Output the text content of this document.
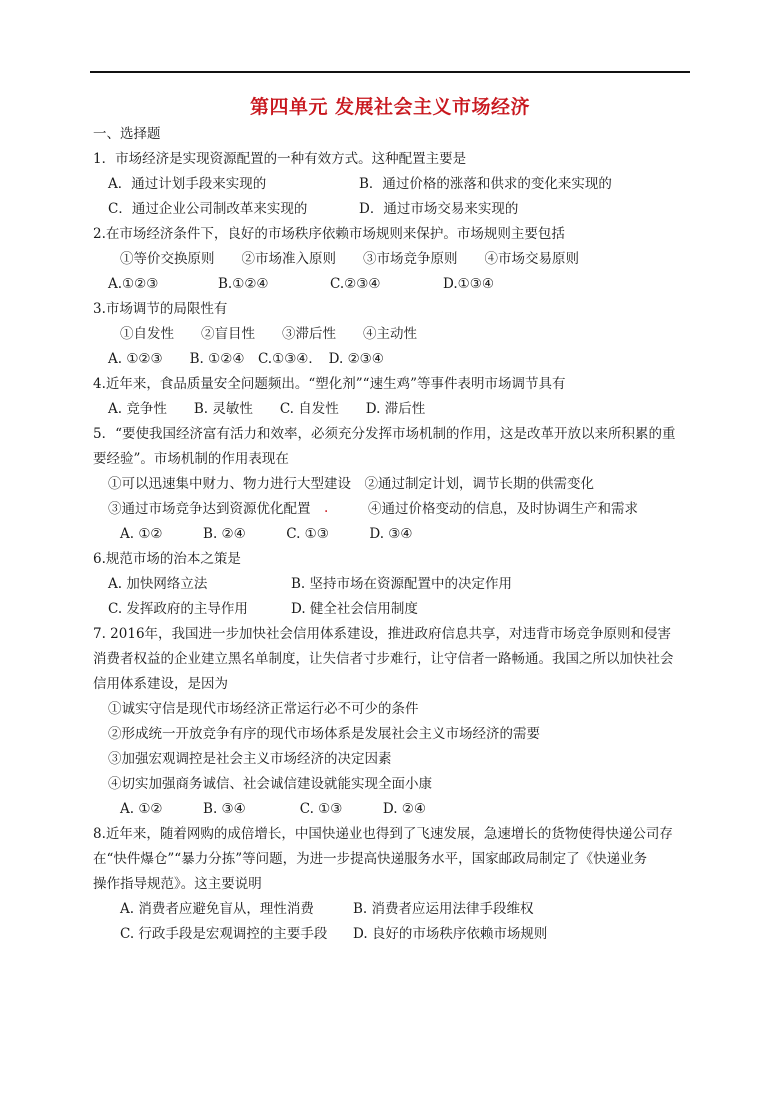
第四单元 发展社会主义市场经济
一、选择题
1．市场经济是实现资源配置的一种有效方式。这种配置主要是
A．通过计划手段来实现的	B．通过价格的涨落和供求的变化来实现的
C．通过企业公司制改革来实现的	D．通过市场交易来实现的
2.在市场经济条件下，良好的市场秩序依赖市场规则来保护。市场规则主要包括
①等价交换原则　　②市场准入原则　　③市场竞争原则　　④市场交易原则
A.①②③	B.①②④	C.②③④	D.①③④
3.市场调节的局限性有
①自发性　　②盲目性　　③滞后性　　④主动性
A. ①②③　　B. ①②④　C.①③④．　D. ②③④
4.近年来，食品质量安全问题频出。“塑化剂”“速生鸡”等事件表明市场调节具有
A. 竞争性　　B. 灵敏性　　C. 自发性　　D. 滞后性
5．“要使我国经济富有活力和效率，必须充分发挥市场机制的作用，这是改革开放以来所积累的重
要经验”。市场机制的作用表现在
①可以迅速集中财力、物力进行大型建设　②通过制定计划，调节长期的供需变化
③通过市场竞争达到资源优化配置 .	④通过价格变动的信息，及时协调生产和需求
A. ①②　　　B. ②④　　　C. ①③　　　D. ③④
6.规范市场的治本之策是
A. 加快网络立法	B. 坚持市场在资源配置中的决定作用
C. 发挥政府的主导作用	D. 健全社会信用制度
7. 2016年，我国进一步加快社会信用体系建设，推进政府信息共享，对违背市场竞争原则和侵害
消费者权益的企业建立黑名单制度，让失信者寸步难行，让守信者一路畅通。我国之所以加快社会
信用体系建设，是因为
①诚实守信是现代市场经济正常运行必不可少的条件
②形成统一开放竞争有序的现代市场体系是发展社会主义市场经济的需要
③加强宏观调控是社会主义市场经济的决定因素
④切实加强商务诚信、社会诚信建设就能实现全面小康
A. ①②　　　B. ③④　　　　C. ①③　　　D. ②④
8.近年来，随着网购的成倍增长，中国快递业也得到了飞速发展，急速增长的货物使得快递公司存
在“快件爆仓”“暴力分拣”等问题，为进一步提高快递服务水平，国家邮政局制定了《快递业务
操作指导规范》。这主要说明
A. 消费者应避免盲从，理性消费	B. 消费者应运用法律手段维权
C. 行政手段是宏观调控的主要手段 D. 良好的市场秩序依赖市场规则
